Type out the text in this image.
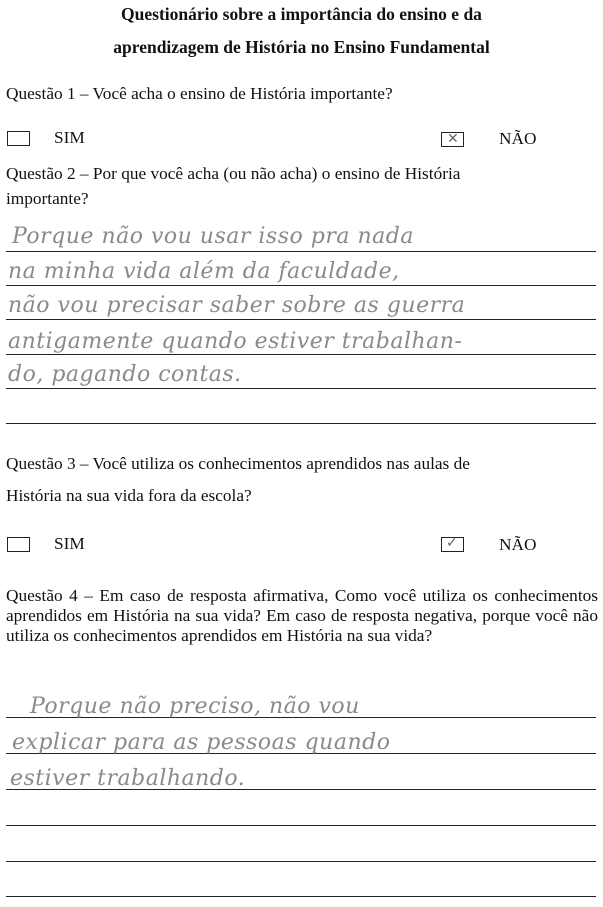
Questionário sobre a importância do ensino e da
aprendizagem de História no Ensino Fundamental
Questão 1 – Você acha o ensino de História importante?
SIM	✕ NÃO
Questão 2 – Por que você acha (ou não acha) o ensino de História
importante?
Porque não vou usar isso pra nada
na minha vida além da faculdade,
não vou precisar saber sobre as guerra
antigamente quando estiver trabalhan-
do, pagando contas.
Questão 3 – Você utiliza os conhecimentos aprendidos nas aulas de
História na sua vida fora da escola?
SIM	✓ NÃO
Questão 4 – Em caso de resposta afirmativa, Como você utiliza os conhecimentos aprendidos em História na sua vida? Em caso de resposta negativa, porque você não utiliza os conhecimentos aprendidos em História na sua vida?
Porque não preciso, não vou
explicar para as pessoas quando
estiver trabalhando.
